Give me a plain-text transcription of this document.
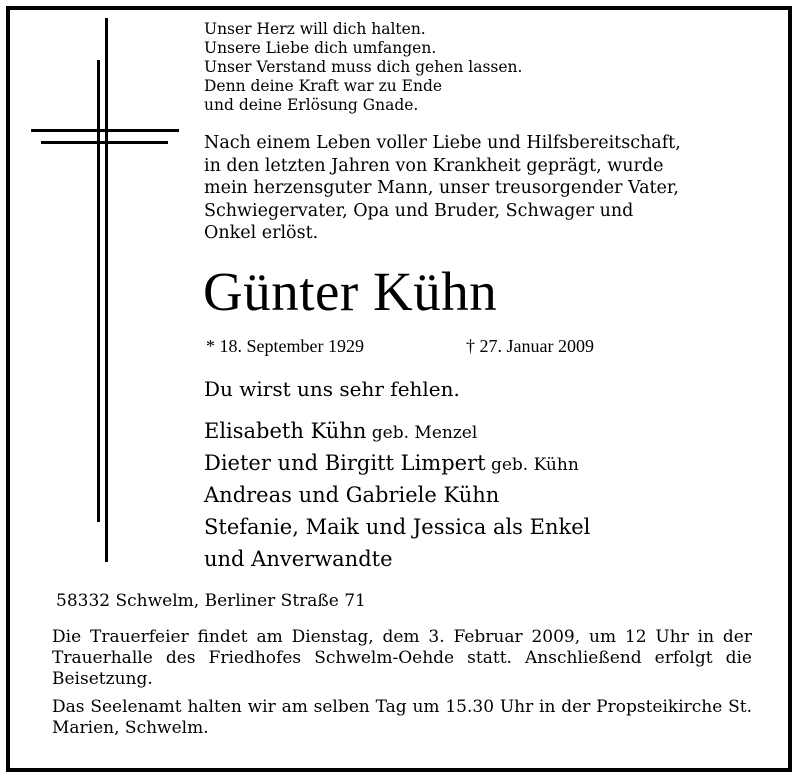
Unser Herz will dich halten.
Unsere Liebe dich umfangen.
Unser Verstand muss dich gehen lassen.
Denn deine Kraft war zu Ende
und deine Erlösung Gnade.
Nach einem Leben voller Liebe und Hilfsbereitschaft,
in den letzten Jahren von Krankheit geprägt, wurde
mein herzensguter Mann, unser treusorgender Vater,
Schwiegervater, Opa und Bruder, Schwager und
Onkel erlöst.
Günter Kühn
* 18. September 1929	† 27. Januar 2009
Du wirst uns sehr fehlen.
Elisabeth Kühn geb. Menzel
Dieter und Birgitt Limpert geb. Kühn
Andreas und Gabriele Kühn
Stefanie, Maik und Jessica als Enkel
und Anverwandte
58332 Schwelm, Berliner Straße 71
Die Trauerfeier findet am Dienstag, dem 3. Februar 2009, um 12 Uhr in der Trauerhalle des Friedhofes Schwelm-Oehde statt. Anschließend erfolgt die Beisetzung.
Das Seelenamt halten wir am selben Tag um 15.30 Uhr in der Propsteikirche St. Marien, Schwelm.
